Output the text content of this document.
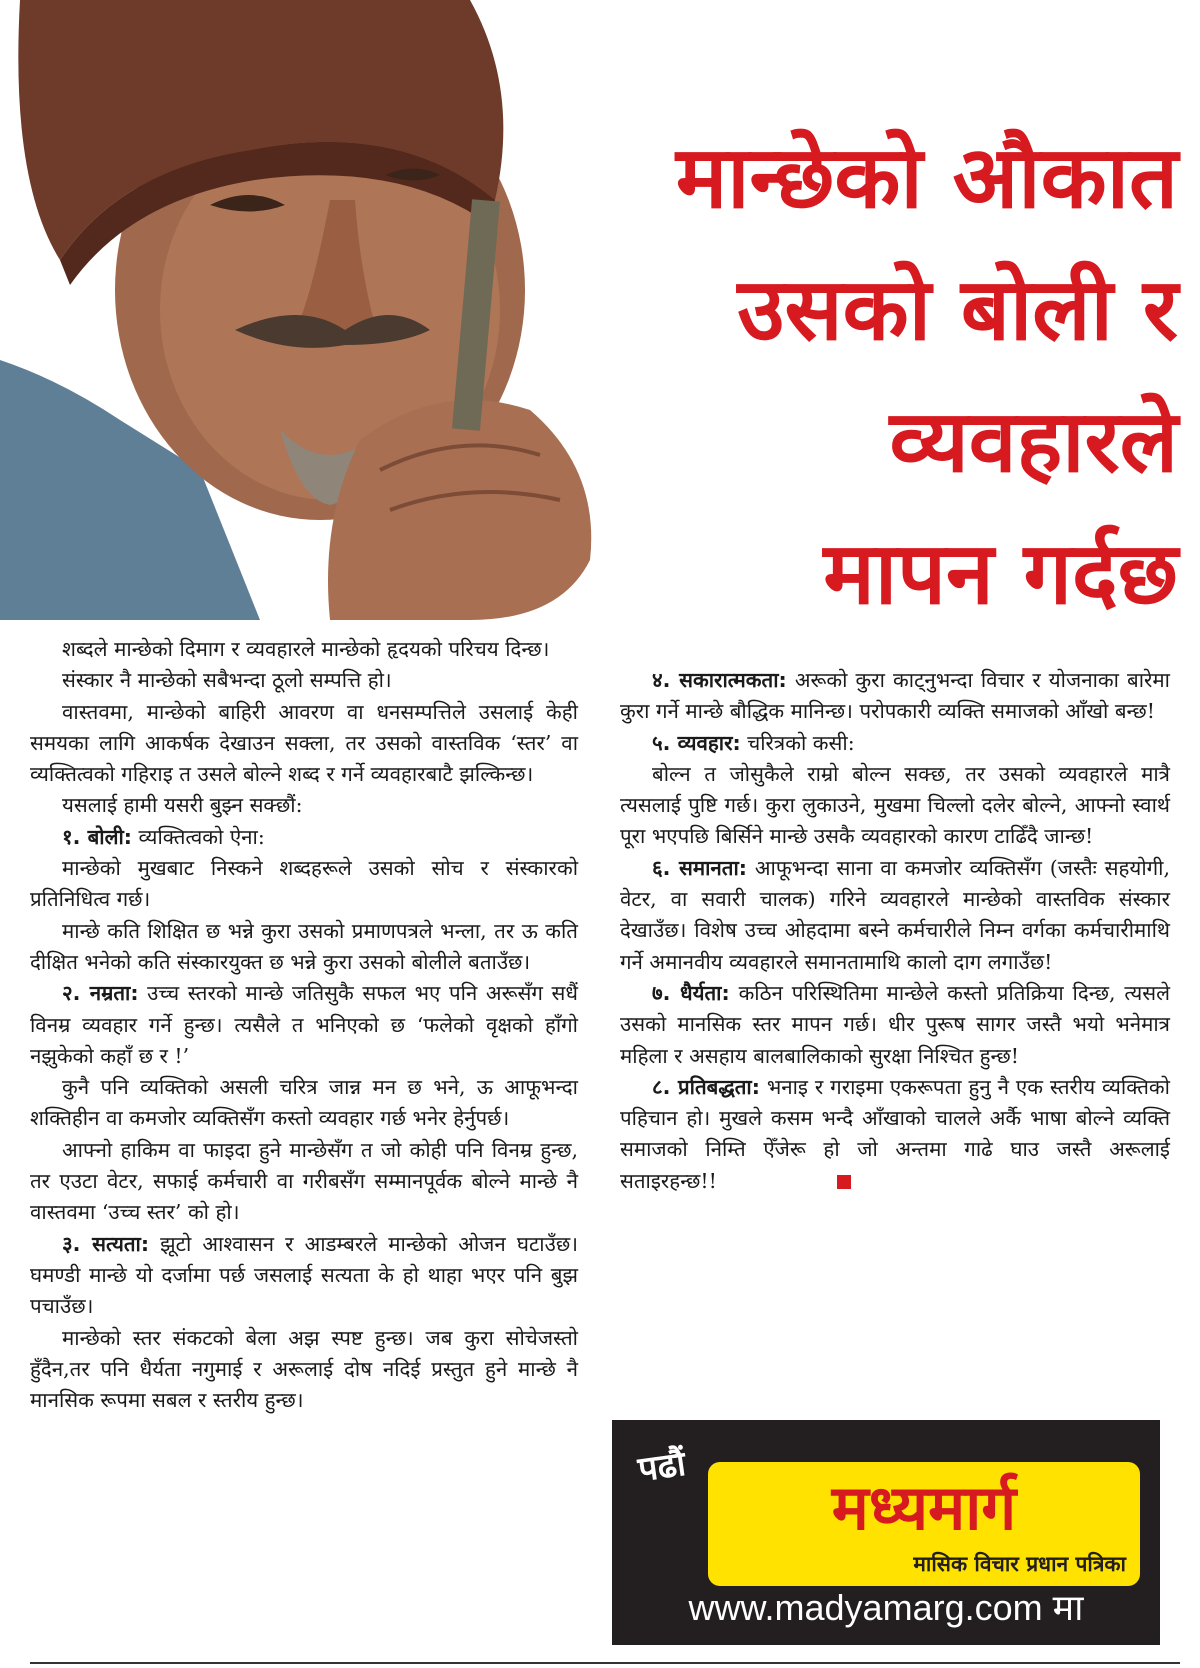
मान्छेको औकात
उसको बोली र
व्यवहारले
मापन गर्दछ

शब्दले मान्छेको दिमाग र व्यवहारले मान्छेको हृदयको परिचय दिन्छ।

संस्कार नै मान्छेको सबैभन्दा ठूलो सम्पत्ति हो।

वास्तवमा, मान्छेको बाहिरी आवरण वा धनसम्पत्तिले उसलाई केही समयका लागि आकर्षक देखाउन सक्ला, तर उसको वास्तविक ‘स्तर’ वा व्यक्तित्वको गहिराइ त उसले बोल्ने शब्द र गर्ने व्यवहारबाटै झल्किन्छ।

यसलाई हामी यसरी बुझ्न सक्छौं:

१. बोली: व्यक्तित्वको ऐना:

मान्छेको मुखबाट निस्कने शब्दहरूले उसको सोच र संस्कारको प्रतिनिधित्व गर्छ।

मान्छे कति शिक्षित छ भन्ने कुरा उसको प्रमाणपत्रले भन्ला, तर ऊ कति दीक्षित भनेको कति संस्कारयुक्त छ भन्ने कुरा उसको बोलीले बताउँछ।

२. नम्रता: उच्च स्तरको मान्छे जतिसुकै सफल भए पनि अरूसँग सधैं विनम्र व्यवहार गर्ने हुन्छ। त्यसैले त भनिएको छ ‘फलेको वृक्षको हाँगो नझुकेको कहाँ छ र !’

कुनै पनि व्यक्तिको असली चरित्र जान्न मन छ भने, ऊ आफूभन्दा शक्तिहीन वा कमजोर व्यक्तिसँग कस्तो व्यवहार गर्छ भनेर हेर्नुपर्छ।

आफ्नो हाकिम वा फाइदा हुने मान्छेसँग त जो कोही पनि विनम्र हुन्छ, तर एउटा वेटर, सफाई कर्मचारी वा गरीबसँग सम्मानपूर्वक बोल्ने मान्छे नै वास्तवमा ‘उच्च स्तर’ को हो।

३. सत्यता: झूटो आश्वासन र आडम्बरले मान्छेको ओजन घटाउँछ। घमण्डी मान्छे यो दर्जामा पर्छ जसलाई सत्यता के हो थाहा भएर पनि बुझ पचाउँछ।

मान्छेको स्तर संकटको बेला अझ स्पष्ट हुन्छ। जब कुरा सोचेजस्तो हुँदैन,तर पनि धैर्यता नगुमाई र अरूलाई दोष नदिई प्रस्तुत हुने मान्छे नै मानसिक रूपमा सबल र स्तरीय हुन्छ।

४. सकारात्मकता: अरूको कुरा काट्नुभन्दा विचार र योजनाका बारेमा कुरा गर्ने मान्छे बौद्धिक मानिन्छ। परोपकारी व्यक्ति समाजको आँखो बन्छ!

५. व्यवहार: चरित्रको कसी:

बोल्न त जोसुकैले राम्रो बोल्न सक्छ, तर उसको व्यवहारले मात्रै त्यसलाई पुष्टि गर्छ। कुरा लुकाउने, मुखमा चिल्लो दलेर बोल्ने, आफ्नो स्वार्थ पूरा भएपछि बिर्सिने मान्छे उसकै व्यवहारको कारण टाढिँदै जान्छ!

६. समानता: आफूभन्दा साना वा कमजोर व्यक्तिसँग (जस्तैः सहयोगी, वेटर, वा सवारी चालक) गरिने व्यवहारले मान्छेको वास्तविक संस्कार देखाउँछ। विशेष उच्च ओहदामा बस्ने कर्मचारीले निम्न वर्गका कर्मचारीमाथि गर्ने अमानवीय व्यवहारले समानतामाथि कालो दाग लगाउँछ!

७. धैर्यता: कठिन परिस्थितिमा मान्छेले कस्तो प्रतिक्रिया दिन्छ, त्यसले उसको मानसिक स्तर मापन गर्छ। धीर पुरूष सागर जस्तै भयो भनेमात्र महिला र असहाय बालबालिकाको सुरक्षा निश्चित हुन्छ!

८. प्रतिबद्धता: भनाइ र गराइमा एकरूपता हुनु नै एक स्तरीय व्यक्तिको पहिचान हो। मुखले कसम भन्दै आँखाको चालले अर्कै भाषा बोल्ने व्यक्ति समाजको निम्ति ऐँजेरू हो जो अन्तमा गाढे घाउ जस्तै अरूलाई सताइरहन्छ!!

पढौं
मध्यमार्ग
मासिक विचार प्रधान पत्रिका
www.madyamarg.com मा
